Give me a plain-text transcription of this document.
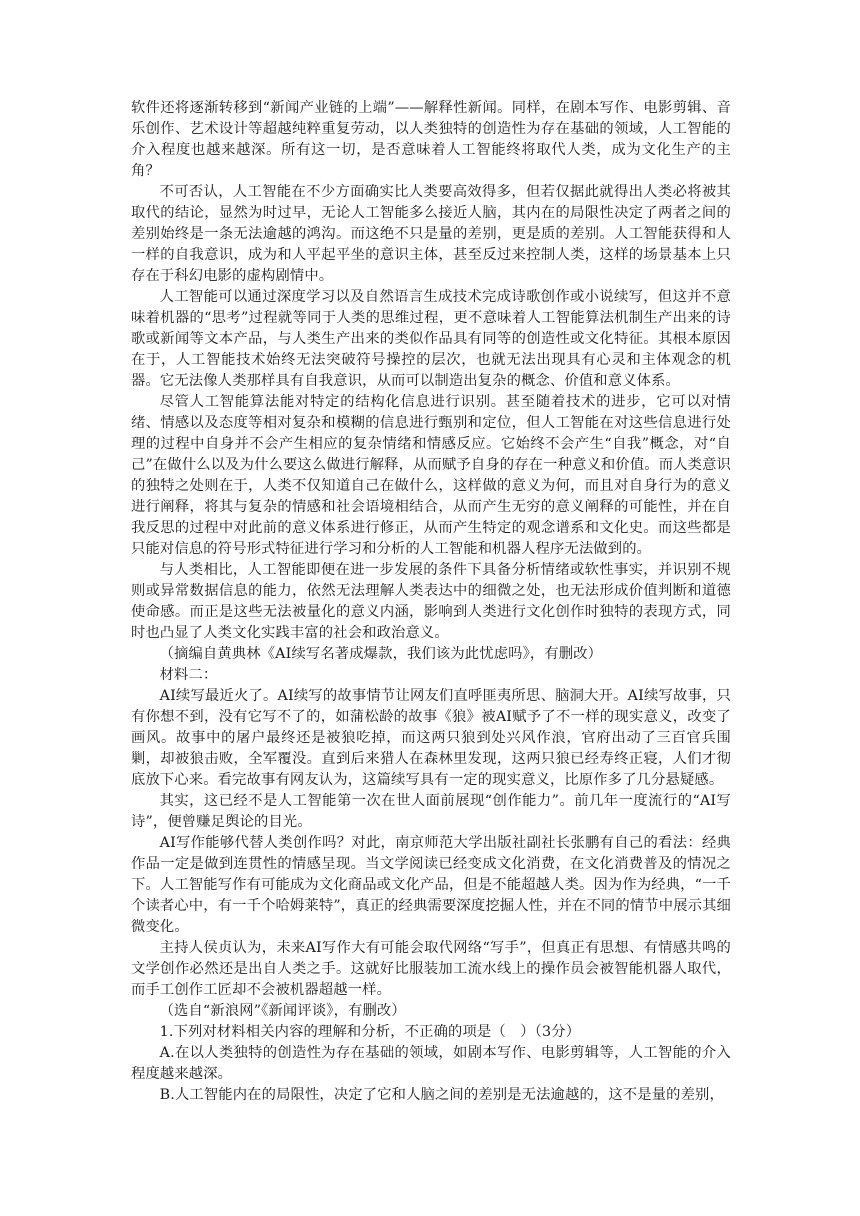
软件还将逐渐转移到“新闻产业链的上端”——解释性新闻。同样，在剧本写作、电影剪辑、音乐创作、艺术设计等超越纯粹重复劳动，以人类独特的创造性为存在基础的领域，人工智能的介入程度也越来越深。所有这一切，是否意味着人工智能终将取代人类，成为文化生产的主角？

不可否认，人工智能在不少方面确实比人类要高效得多，但若仅据此就得出人类必将被其取代的结论，显然为时过早，无论人工智能多么接近人脑，其内在的局限性决定了两者之间的差别始终是一条无法逾越的鸿沟。而这绝不只是量的差别，更是质的差别。人工智能获得和人一样的自我意识，成为和人平起平坐的意识主体，甚至反过来控制人类，这样的场景基本上只存在于科幻电影的虚构剧情中。

人工智能可以通过深度学习以及自然语言生成技术完成诗歌创作或小说续写，但这并不意味着机器的“思考”过程就等同于人类的思维过程，更不意味着人工智能算法机制生产出来的诗歌或新闻等文本产品，与人类生产出来的类似作品具有同等的创造性或文化特征。其根本原因在于，人工智能技术始终无法突破符号操控的层次，也就无法出现具有心灵和主体观念的机器。它无法像人类那样具有自我意识，从而可以制造出复杂的概念、价值和意义体系。

尽管人工智能算法能对特定的结构化信息进行识别。甚至随着技术的进步，它可以对情绪、情感以及态度等相对复杂和模糊的信息进行甄别和定位，但人工智能在对这些信息进行处理的过程中自身并不会产生相应的复杂情绪和情感反应。它始终不会产生“自我”概念，对“自己”在做什么以及为什么要这么做进行解释，从而赋予自身的存在一种意义和价值。而人类意识的独特之处则在于，人类不仅知道自己在做什么，这样做的意义为何，而且对自身行为的意义进行阐释，将其与复杂的情感和社会语境相结合，从而产生无穷的意义阐释的可能性，并在自我反思的过程中对此前的意义体系进行修正，从而产生特定的观念谱系和文化史。而这些都是只能对信息的符号形式特征进行学习和分析的人工智能和机器人程序无法做到的。

与人类相比，人工智能即便在进一步发展的条件下具备分析情绪或软性事实，并识别不规则或异常数据信息的能力，依然无法理解人类表达中的细微之处，也无法形成价值判断和道德使命感。而正是这些无法被量化的意义内涵，影响到人类进行文化创作时独特的表现方式，同时也凸显了人类文化实践丰富的社会和政治意义。

（摘编自黄典林《AI续写名著成爆款，我们该为此忧虑吗》，有删改）

材料二：

AI续写最近火了。AI续写的故事情节让网友们直呼匪夷所思、脑洞大开。AI续写故事，只有你想不到，没有它写不了的，如蒲松龄的故事《狼》被AI赋予了不一样的现实意义，改变了画风。故事中的屠户最终还是被狼吃掉，而这两只狼到处兴风作浪，官府出动了三百官兵围剿，却被狼击败，全军覆没。直到后来猎人在森林里发现，这两只狼已经寿终正寝，人们才彻底放下心来。看完故事有网友认为，这篇续写具有一定的现实意义，比原作多了几分悬疑感。

其实，这已经不是人工智能第一次在世人面前展现“创作能力”。前几年一度流行的“AI写诗”，便曾赚足舆论的目光。

AI写作能够代替人类创作吗？对此，南京师范大学出版社副社长张鹏有自己的看法：经典作品一定是做到连贯性的情感呈现。当文学阅读已经变成文化消费，在文化消费普及的情况之下。人工智能写作有可能成为文化商品或文化产品，但是不能超越人类。因为作为经典，“一千个读者心中，有一千个哈姆莱特”，真正的经典需要深度挖掘人性，并在不同的情节中展示其细微变化。

主持人侯贞认为，未来AI写作大有可能会取代网络“写手”，但真正有思想、有情感共鸣的文学创作必然还是出自人类之手。这就好比服装加工流水线上的操作员会被智能机器人取代，而手工创作工匠却不会被机器超越一样。

（选自“新浪网”《新闻评谈》，有删改）

1.下列对材料相关内容的理解和分析，不正确的项是（　）（3分）

A.在以人类独特的创造性为存在基础的领域，如剧本写作、电影剪辑等，人工智能的介入程度越来越深。

B.人工智能内在的局限性，决定了它和人脑之间的差别是无法逾越的，这不是量的差别，
